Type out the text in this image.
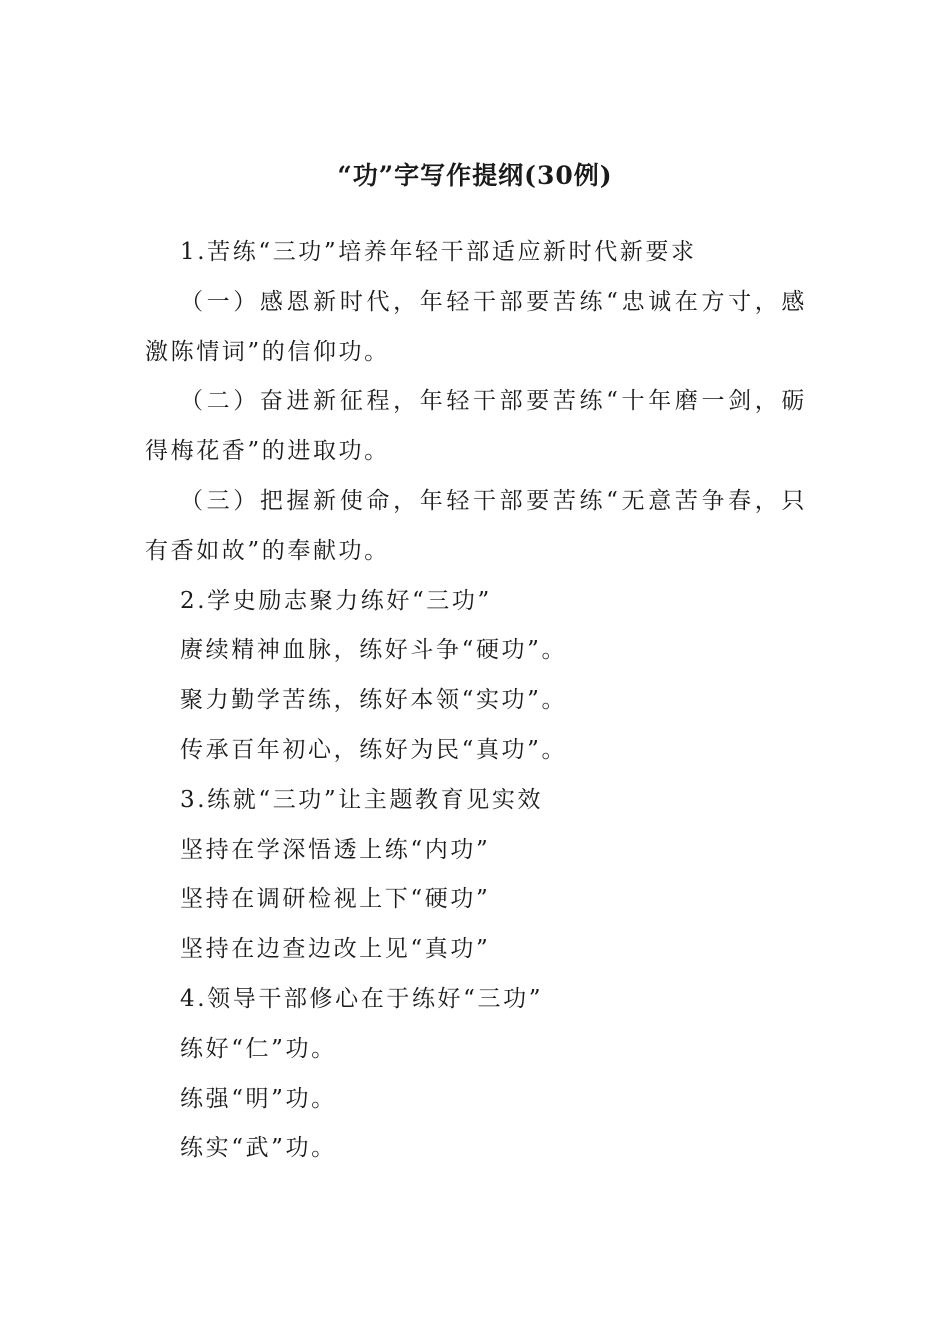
“功”字写作提纲(30例)

1.苦练“三功”培养年轻干部适应新时代新要求

（一）感恩新时代，年轻干部要苦练“忠诚在方寸，感激陈情词”的信仰功。

（二）奋进新征程，年轻干部要苦练“十年磨一剑，砺得梅花香”的进取功。

（三）把握新使命，年轻干部要苦练“无意苦争春，只有香如故”的奉献功。

2.学史励志聚力练好“三功”

赓续精神血脉，练好斗争“硬功”。

聚力勤学苦练，练好本领“实功”。

传承百年初心，练好为民“真功”。

3.练就“三功”让主题教育见实效

坚持在学深悟透上练“内功”

坚持在调研检视上下“硬功”

坚持在边查边改上见“真功”

4.领导干部修心在于练好“三功”

练好“仁”功。

练强“明”功。

练实“武”功。
